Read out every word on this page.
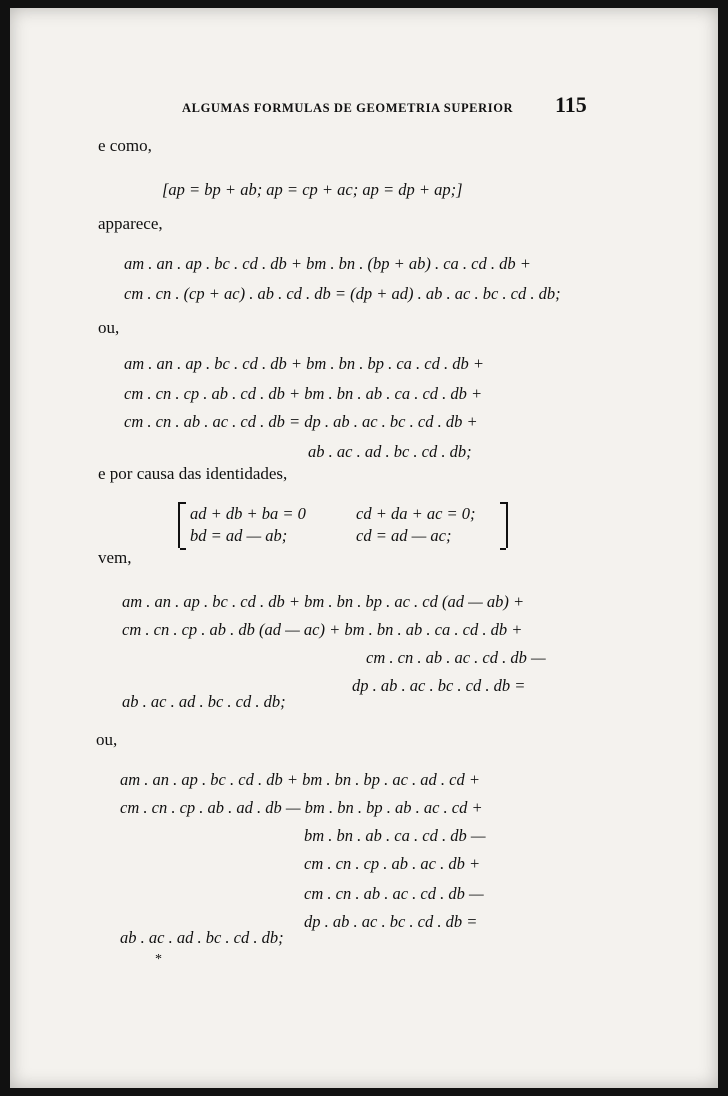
ALGUMAS FORMULAS DE GEOMETRIA SUPERIOR 115
e como,
[ap = bp + ab; ap = cp + ac; ap = dp + ap;]
apparece,
am . an . ap . bc . cd . db + bm . bn . (bp + ab) . ca . cd . db +
cm . cn . (cp + ac) . ab . cd . db = (dp + ad) . ab . ac . bc . cd . db;
ou,
am . an . ap . bc . cd . db + bm . bn . bp . ca . cd . db +
cm . cn . cp . ab . cd . db + bm . bn . ab . ca . cd . db +
cm . cn . ab . ac . cd . db = dp . ab . ac . bc . cd . db +
ab . ac . ad . bc . cd . db;
e por causa das identidades,
ad + db + ba = 0	cd + da + ac = 0;
bd = ad — ab;	cd = ad — ac;
vem,
am . an . ap . bc . cd . db + bm . bn . bp . ac . cd (ad — ab) +
cm . cn . cp . ab . db (ad — ac) + bm . bn . ab . ca . cd . db +
cm . cn . ab . ac . cd . db —
dp . ab . ac . bc . cd . db =
ab . ac . ad . bc . cd . db;
ou,
am . an . ap . bc . cd . db + bm . bn . bp . ac . ad . cd +
cm . cn . cp . ab . ad . db — bm . bn . bp . ab . ac . cd +
bm . bn . ab . ca . cd . db —
cm . cn . cp . ab . ac . db +
cm . cn . ab . ac . cd . db —
dp . ab . ac . bc . cd . db =
ab . ac . ad . bc . cd . db;
*
